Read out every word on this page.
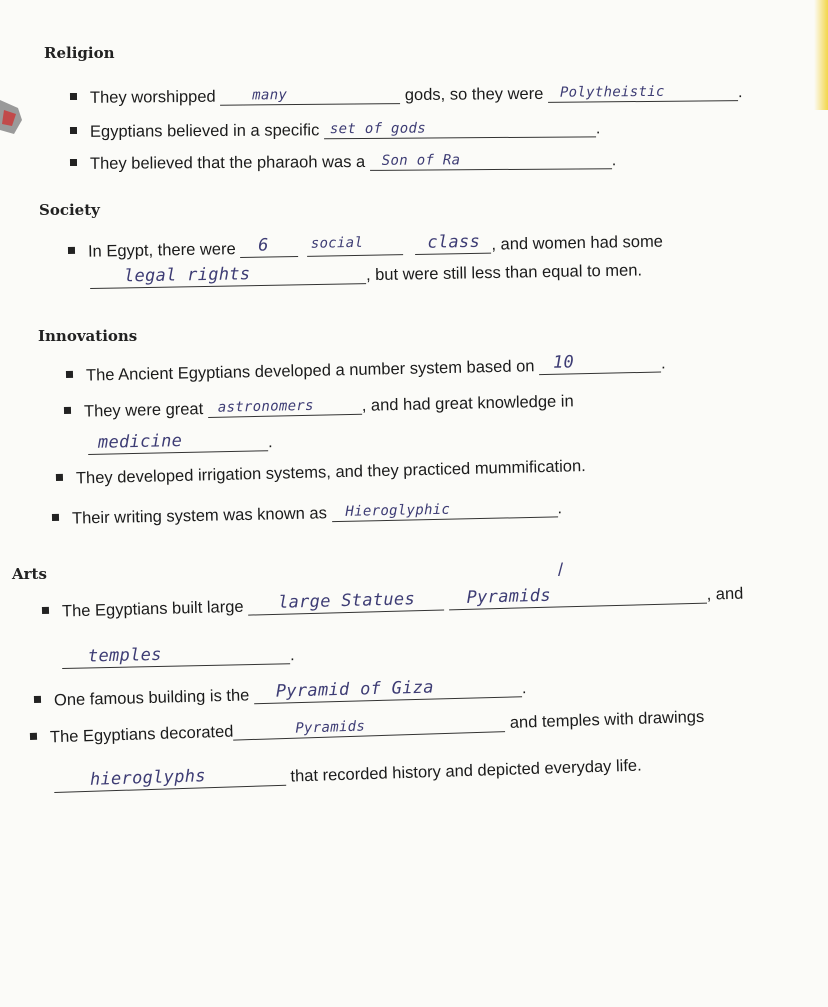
Religion
They worshipped	many	gods, so they were Polytheistic	.
Egyptians believed in a specific set of gods	.
They believed that the pharaoh was a Son of Ra	.
Society
In Egypt, there were 6
	social
	class , and women had some
legal rights	, but were still less than equal to men.
Innovations
The Ancient Egyptians developed a number system based on 10	.
They were great astronomers	, and had great knowledge in
medicine	.
They developed irrigation systems, and they practiced mummification.
Their writing system was known as Hieroglyphic	.
Arts	/
The Egyptians built large large Statues
	Pyramids	, and
temples	.
One famous building is the Pyramid of Giza	.
The Egyptians decorated	Pyramids	and temples with drawings
hieroglyphs	that recorded history and depicted everyday life.
